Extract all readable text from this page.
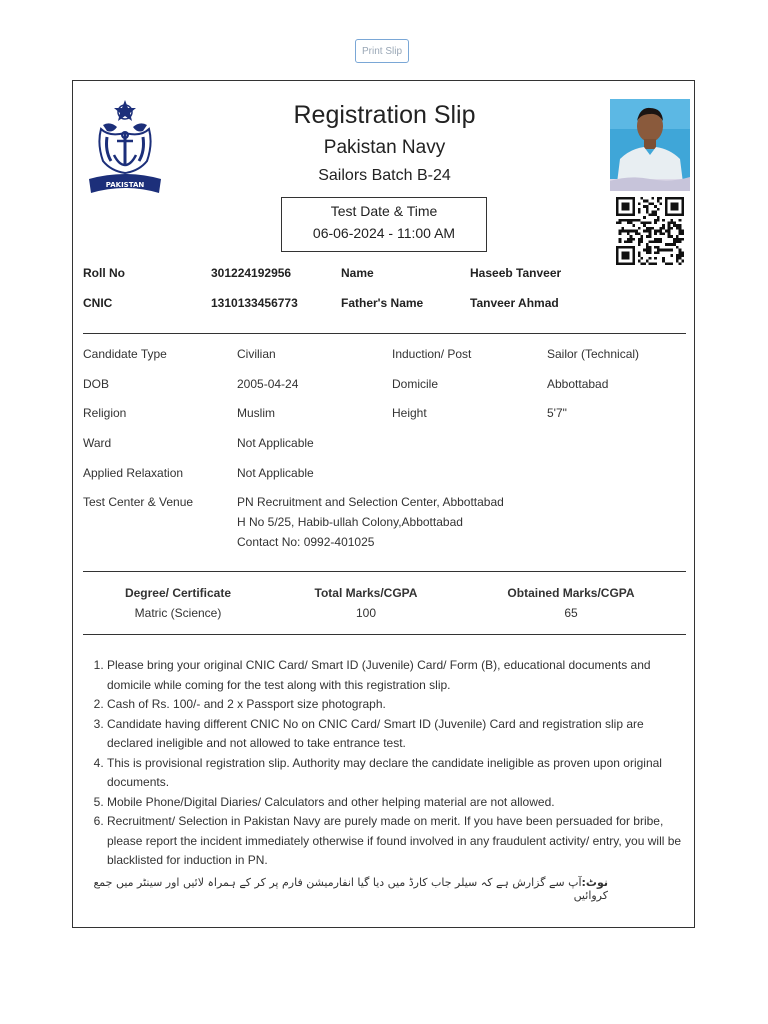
Print Slip
PAKISTAN
Registration Slip
Pakistan Navy
Sailors Batch B-24
Test Date & Time
06-06-2024 - 11:00 AM
Roll No	301224192956	Name	Haseeb Tanveer
CNIC	1310133456773	Father's Name	Tanveer Ahmad
Candidate Type	Civilian	Induction/ Post	Sailor (Technical)
DOB	2005-04-24	Domicile	Abbottabad
Religion	Muslim	Height	5'7"
Ward	Not Applicable
Applied Relaxation	Not Applicable
Test Center & Venue	PN Recruitment and Selection Center, Abbottabad
H No 5/25, Habib-ullah Colony,Abbottabad
Contact No: 0992-401025
Degree/ Certificate	Total Marks/CGPA	Obtained Marks/CGPA
Matric (Science)	100	65
1. Please bring your original CNIC Card/ Smart ID (Juvenile) Card/ Form (B), educational documents and domicile while coming for the test along with this registration slip.
2. Cash of Rs. 100/- and 2 x Passport size photograph.
3. Candidate having different CNIC No on CNIC Card/ Smart ID (Juvenile) Card and registration slip are declared ineligible and not allowed to take entrance test.
4. This is provisional registration slip. Authority may declare the candidate ineligible as proven upon original documents.
5. Mobile Phone/Digital Diaries/ Calculators and other helping material are not allowed.
6. Recruitment/ Selection in Pakistan Navy are purely made on merit. If you have been persuaded for bribe, please report the incident immediately otherwise if found involved in any fraudulent activity/ entry, you will be blacklisted for induction in PN.
نوٹ:آپ سے گزارش ہے کہ سیلر جاب کارڈ میں دیا گیا انفارمیشن فارم پر کر کے ہمراہ لائیں اور سینٹر میں جمع کروائیں
